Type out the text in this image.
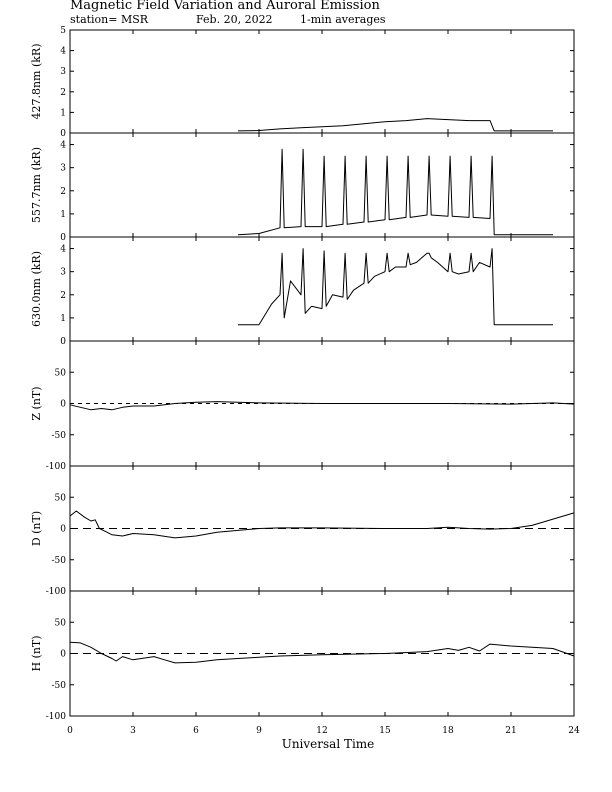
Magnetic Field Variation and Auroral Emission
station= MSR	Feb. 20, 2022 1-min averages
0
1
2
3
4
5
427.8nm (kR)
0
1
2
3
4
557.7nm (kR)
0
1
2
3
4
630.0nm (kR)
-100
-50
0
50
Z (nT)
-100
-50
0
50
D (nT)
-100
-50
0
50
H (nT)
0	3	6	9	12	15	18	21	24
Universal Time
